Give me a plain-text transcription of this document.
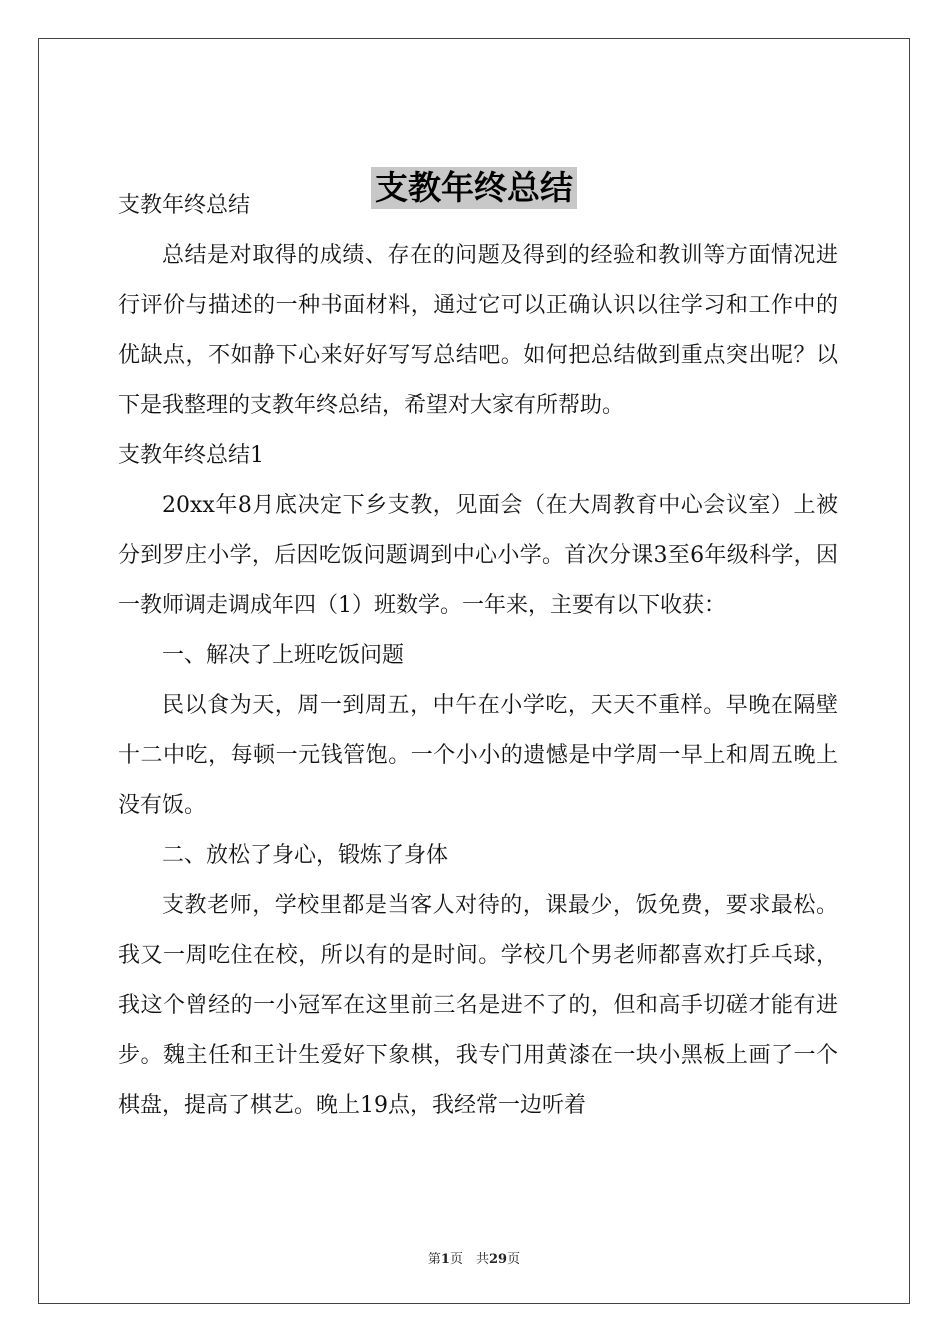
支教年终总结

支教年终总结

总结是对取得的成绩、存在的问题及得到的经验和教训等方面情况进行评价与描述的一种书面材料，通过它可以正确认识以往学习和工作中的优缺点，不如静下心来好好写写总结吧。如何把总结做到重点突出呢？以下是我整理的支教年终总结，希望对大家有所帮助。

支教年终总结1

20xx年8月底决定下乡支教，见面会（在大周教育中心会议室）上被分到罗庄小学，后因吃饭问题调到中心小学。首次分课3至6年级科学，因一教师调走调成年四（1）班数学。一年来，主要有以下收获：

一、解决了上班吃饭问题

民以食为天，周一到周五，中午在小学吃，天天不重样。早晚在隔壁十二中吃，每顿一元钱管饱。一个小小的遗憾是中学周一早上和周五晚上没有饭。

二、放松了身心，锻炼了身体

支教老师，学校里都是当客人对待的，课最少，饭免费，要求最松。我又一周吃住在校，所以有的是时间。学校几个男老师都喜欢打乒乓球，我这个曾经的一小冠军在这里前三名是进不了的，但和高手切磋才能有进步。魏主任和王计生爱好下象棋，我专门用黄漆在一块小黑板上画了一个棋盘，提高了棋艺。晚上19点，我经常一边听着

第1页　共29页
